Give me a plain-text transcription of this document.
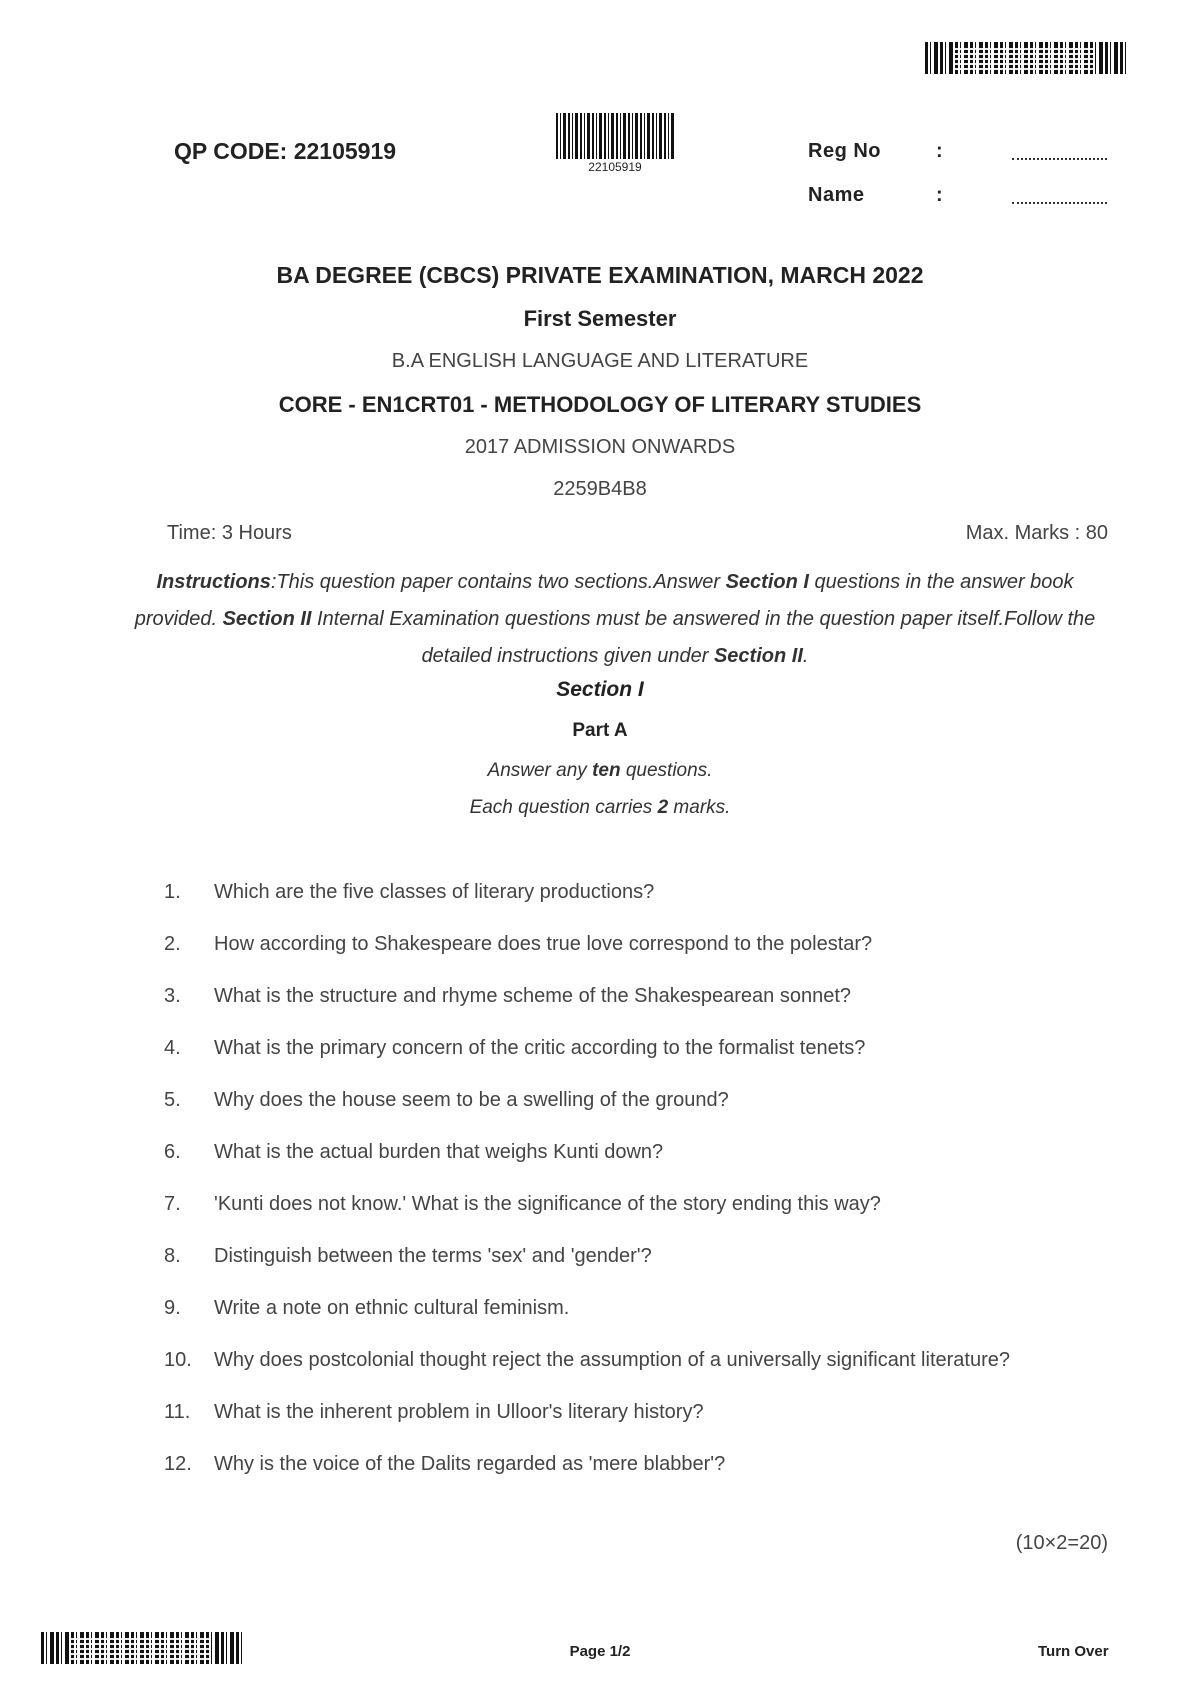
22105919
QP CODE: 22105919	Reg No	:
Name	:
BA DEGREE (CBCS) PRIVATE EXAMINATION, MARCH 2022
First Semester
B.A ENGLISH LANGUAGE AND LITERATURE
CORE - EN1CRT01 - METHODOLOGY OF LITERARY STUDIES
2017 ADMISSION ONWARDS
2259B4B8
Time: 3 Hours	Max. Marks : 80
Instructions:This question paper contains two sections.Answer Section I questions in the answer book provided. Section II Internal Examination questions must be answered in the question paper itself.Follow the detailed instructions given under Section II.
Section I
Part A
Answer any ten questions.
Each question carries 2 marks.
1.	Which are the five classes of literary productions?
2.	How according to Shakespeare does true love correspond to the polestar?
3.	What is the structure and rhyme scheme of the Shakespearean sonnet?
4.	What is the primary concern of the critic according to the formalist tenets?
5.	Why does the house seem to be a swelling of the ground?
6.	What is the actual burden that weighs Kunti down?
7.	'Kunti does not know.' What is the significance of the story ending this way?
8.	Distinguish between the terms 'sex' and 'gender'?
9.	Write a note on ethnic cultural feminism.
10.	Why does postcolonial thought reject the assumption of a universally significant literature?
11.	What is the inherent problem in Ulloor's literary history?
12.	Why is the voice of the Dalits regarded as 'mere blabber'?
(10×2=20)
Page 1/2	Turn Over
